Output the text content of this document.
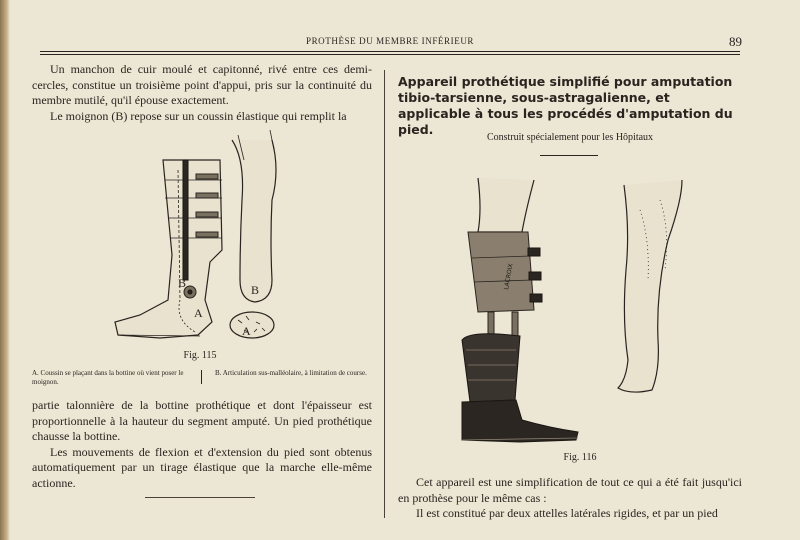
PROTHÈSE DU MEMBRE INFÉRIEUR	89

Un manchon de cuir moulé et capitonné, rivé entre ces demi-cercles, constitue un troisième point d'appui, pris sur la continuité du membre mutilé, qu'il épouse exactement.

Le moignon (B) repose sur un coussin élastique qui remplit la

B
A
B
A
Fig. 115
A. Coussin se plaçant dans la bottine où vient poser le moignon.
B. Articulation sus-malléolaire, à limitation de course.

partie talonnière de la bottine prothétique et dont l'épaisseur est proportionnelle à la hauteur du segment amputé. Un pied prothétique chausse la bottine.

Les mouvements de flexion et d'extension du pied sont obtenus automatiquement par un tirage élastique que la marche elle-même actionne.

Appareil prothétique simplifié pour amputation tibio-tarsienne, sous-astragalienne, et applicable à tous les procédés d'amputation du pied.
Construit spécialement pour les Hôpitaux
LACROIX
Fig. 116

Cet appareil est une simplification de tout ce qui a été fait jusqu'ici en prothèse pour le même cas :

Il est constitué par deux attelles latérales rigides, et par un pied
